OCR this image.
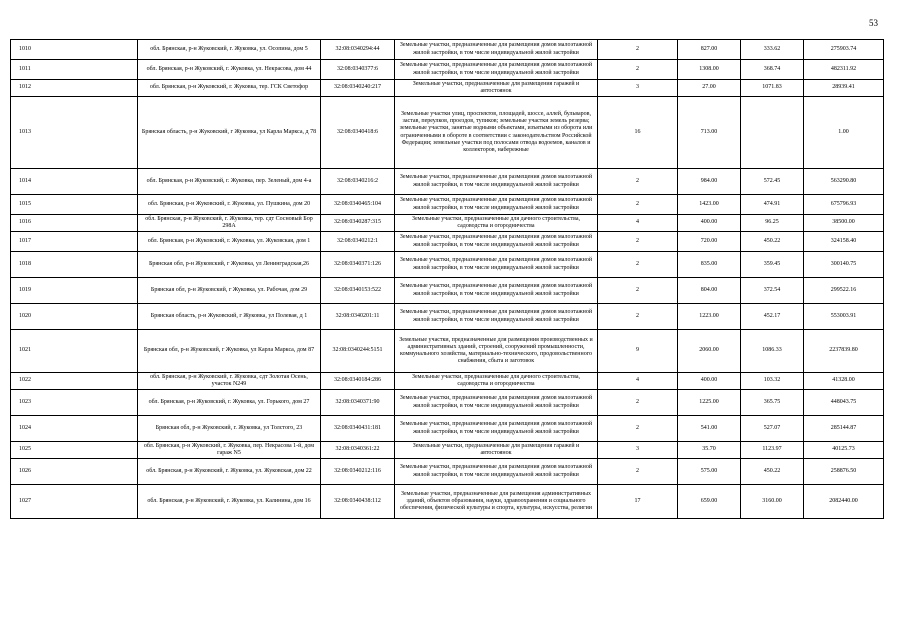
53
1010	обл. Брянская, р-н Жуковский, г. Жуковка, ул. Осопина, дом 5	32:08:0340294:44	Земельные участки, предназначенные для размещения домов малоэтажной жилой застройки, в том числе индивидуальной жилой застройки	2	827.00	333.62	275903.74
1011	обл. Брянская, р-н Жуковский, г. Жуковка, ул. Некрасова, дом 44	32:08:0340377:6	Земельные участки, предназначенные для размещения домов малоэтажной жилой застройки, в том числе индивидуальной жилой застройки	2	1308.00	368.74	482311.92
1012	обл. Брянская, р-н Жуковский, г. Жуковка, тер. ГСК Светофор	32:08:0340240:217	Земельные участки, предназначенные для размещения гаражей и автостоянок	3	27.00	1071.83	28939.41
1013	Брянская область, р-н Жуковский, г Жуковка, ул Карла Маркса, д 78	32:08:0340418:6	Земельные участки улиц, проспектов, площадей, шоссе, аллей, бульваров, застав, переулков, проездов, тупиков; земельные участки земель резерва; земельные участки, занятые водными объектами, изъятыми из оборота или ограниченными в обороте в соответствии с законодательством Российской Федерации; земельные участки под полосами отвода водоемов, каналов и коллекторов, набережные	16	713.00		1.00
1014	обл. Брянская, р-н Жуковский, г. Жуковка, пер. Зеленый, дом 4-а	32:08:0340216:2	Земельные участки, предназначенные для размещения домов малоэтажной жилой застройки, в том числе индивидуальной жилой застройки	2	984.00	572.45	563290.80
1015	обл. Брянская, р-н Жуковский, г. Жуковка, ул. Пушкина, дом 20	32:08:0340465:104	Земельные участки, предназначенные для размещения домов малоэтажной жилой застройки, в том числе индивидуальной жилой застройки	2	1423.00	474.91	675796.93
1016	обл. Брянская, р-н Жуковский, г. Жуковка, тер. сдт Сосновый Бор 298А	32:08:0340287:315	Земельные участки, предназначенные для дачного строительства, садоводства и огородничества	4	400.00	96.25	38500.00
1017	обл. Брянская, р-н Жуковский, г. Жуковка, ул. Жуковская, дом 1	32:08:0340212:1	Земельные участки, предназначенные для размещения домов малоэтажной жилой застройки, в том числе индивидуальной жилой застройки	2	720.00	450.22	324158.40
1018	Брянская обл, р-н Жуковский, г Жуковка, ул Ленинградская,26	32:08:0340371:126	Земельные участки, предназначенные для размещения домов малоэтажной жилой застройки, в том числе индивидуальной жилой застройки	2	835.00	359.45	300140.75
1019	Брянская обл, р-н Жуковский, г Жуковка, ул. Рабочая, дом 29	32:08:0340153:522	Земельные участки, предназначенные для размещения домов малоэтажной жилой застройки, в том числе индивидуальной жилой застройки	2	804.00	372.54	299522.16
1020	Брянская область, р-н Жуковский, г Жуковка, ул Полевая, д 1	32:08:0340201:11	Земельные участки, предназначенные для размещения домов малоэтажной жилой застройки, в том числе индивидуальной жилой застройки	2	1223.00	452.17	553003.91
1021	Брянская обл, р-н Жуковский, г Жуковка, ул Карла Маркса, дом 87	32:08:0340244:5151	Земельные участки, предназначенные для размещения производственных и административных зданий, строений, сооружений промышленности, коммунального хозяйства, материально-технического, продовольственного снабжения, сбыта и заготовок	9	2060.00	1086.33	2237839.80
1022	обл. Брянская, р-н Жуковский, г. Жуковка, сдт Золотая Осень, участок N249	32:08:0340184:286	Земельные участки, предназначенные для дачного строительства, садоводства и огородничества	4	400.00	103.32	41328.00
1023	обл. Брянская, р-н Жуковский, г. Жуковка, ул. Горького, дом 27	32:08:0340371:90	Земельные участки, предназначенные для размещения домов малоэтажной жилой застройки, в том числе индивидуальной жилой застройки	2	1225.00	365.75	448043.75
1024	Брянская обл, р-н Жуковский, г. Жуковка, ул Толстого, 23	32:08:0340431:181	Земельные участки, предназначенные для размещения домов малоэтажной жилой застройки, в том числе индивидуальной жилой застройки	2	541.00	527.07	285144.87
1025	обл. Брянская, р-н Жуковский, г. Жуковка, пер. Некрасова 1-й, дом гараж N5	32:08:0340361:22	Земельные участки, предназначенные для размещения гаражей и автостоянок	3	35.70	1123.97	40125.73
1026	обл. Брянская, р-н Жуковский, г. Жуковка, ул. Жуковская, дом 22	32:08:0340212:116	Земельные участки, предназначенные для размещения домов малоэтажной жилой застройки, в том числе индивидуальной жилой застройки	2	575.00	450.22	258876.50
1027	обл. Брянская, р-н Жуковский, г. Жуковка, ул. Калинина, дом 16	32:08:0340438:112	Земельные участки, предназначенные для размещения административных зданий, объектов образования, науки, здравоохранения и социального обеспечения, физической культуры и спорта, культуры, искусства, религии	17	659.00	3160.00	2082440.00
